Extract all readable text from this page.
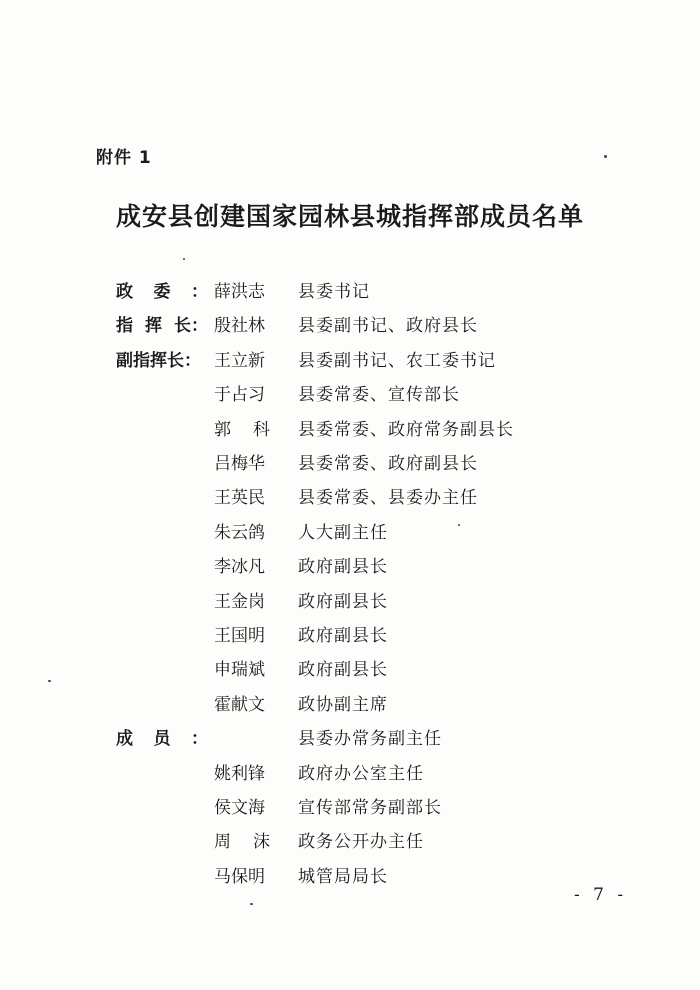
附件 1
成安县创建国家园林县城指挥部成员名单
政 委 ： 薛洪志 县委书记
指 挥 长： 殷社林 县委副书记、政府县长
副指挥长： 王立新 县委副书记、农工委书记
于占习 县委常委、宣传部长
郭 科 县委常委、政府常务副县长
吕梅华 县委常委、政府副县长
王英民 县委常委、县委办主任
朱云鸽 人大副主任
李冰凡 政府副县长
王金岗 政府副县长
王国明 政府副县长
申瑞斌 政府副县长
霍献文 政协副主席
成 员 ：	县委办常务副主任
姚利锋 政府办公室主任
侯文海 宣传部常务副部长
周 沫 政务公开办主任
马保明 城管局局长
- 7 -
